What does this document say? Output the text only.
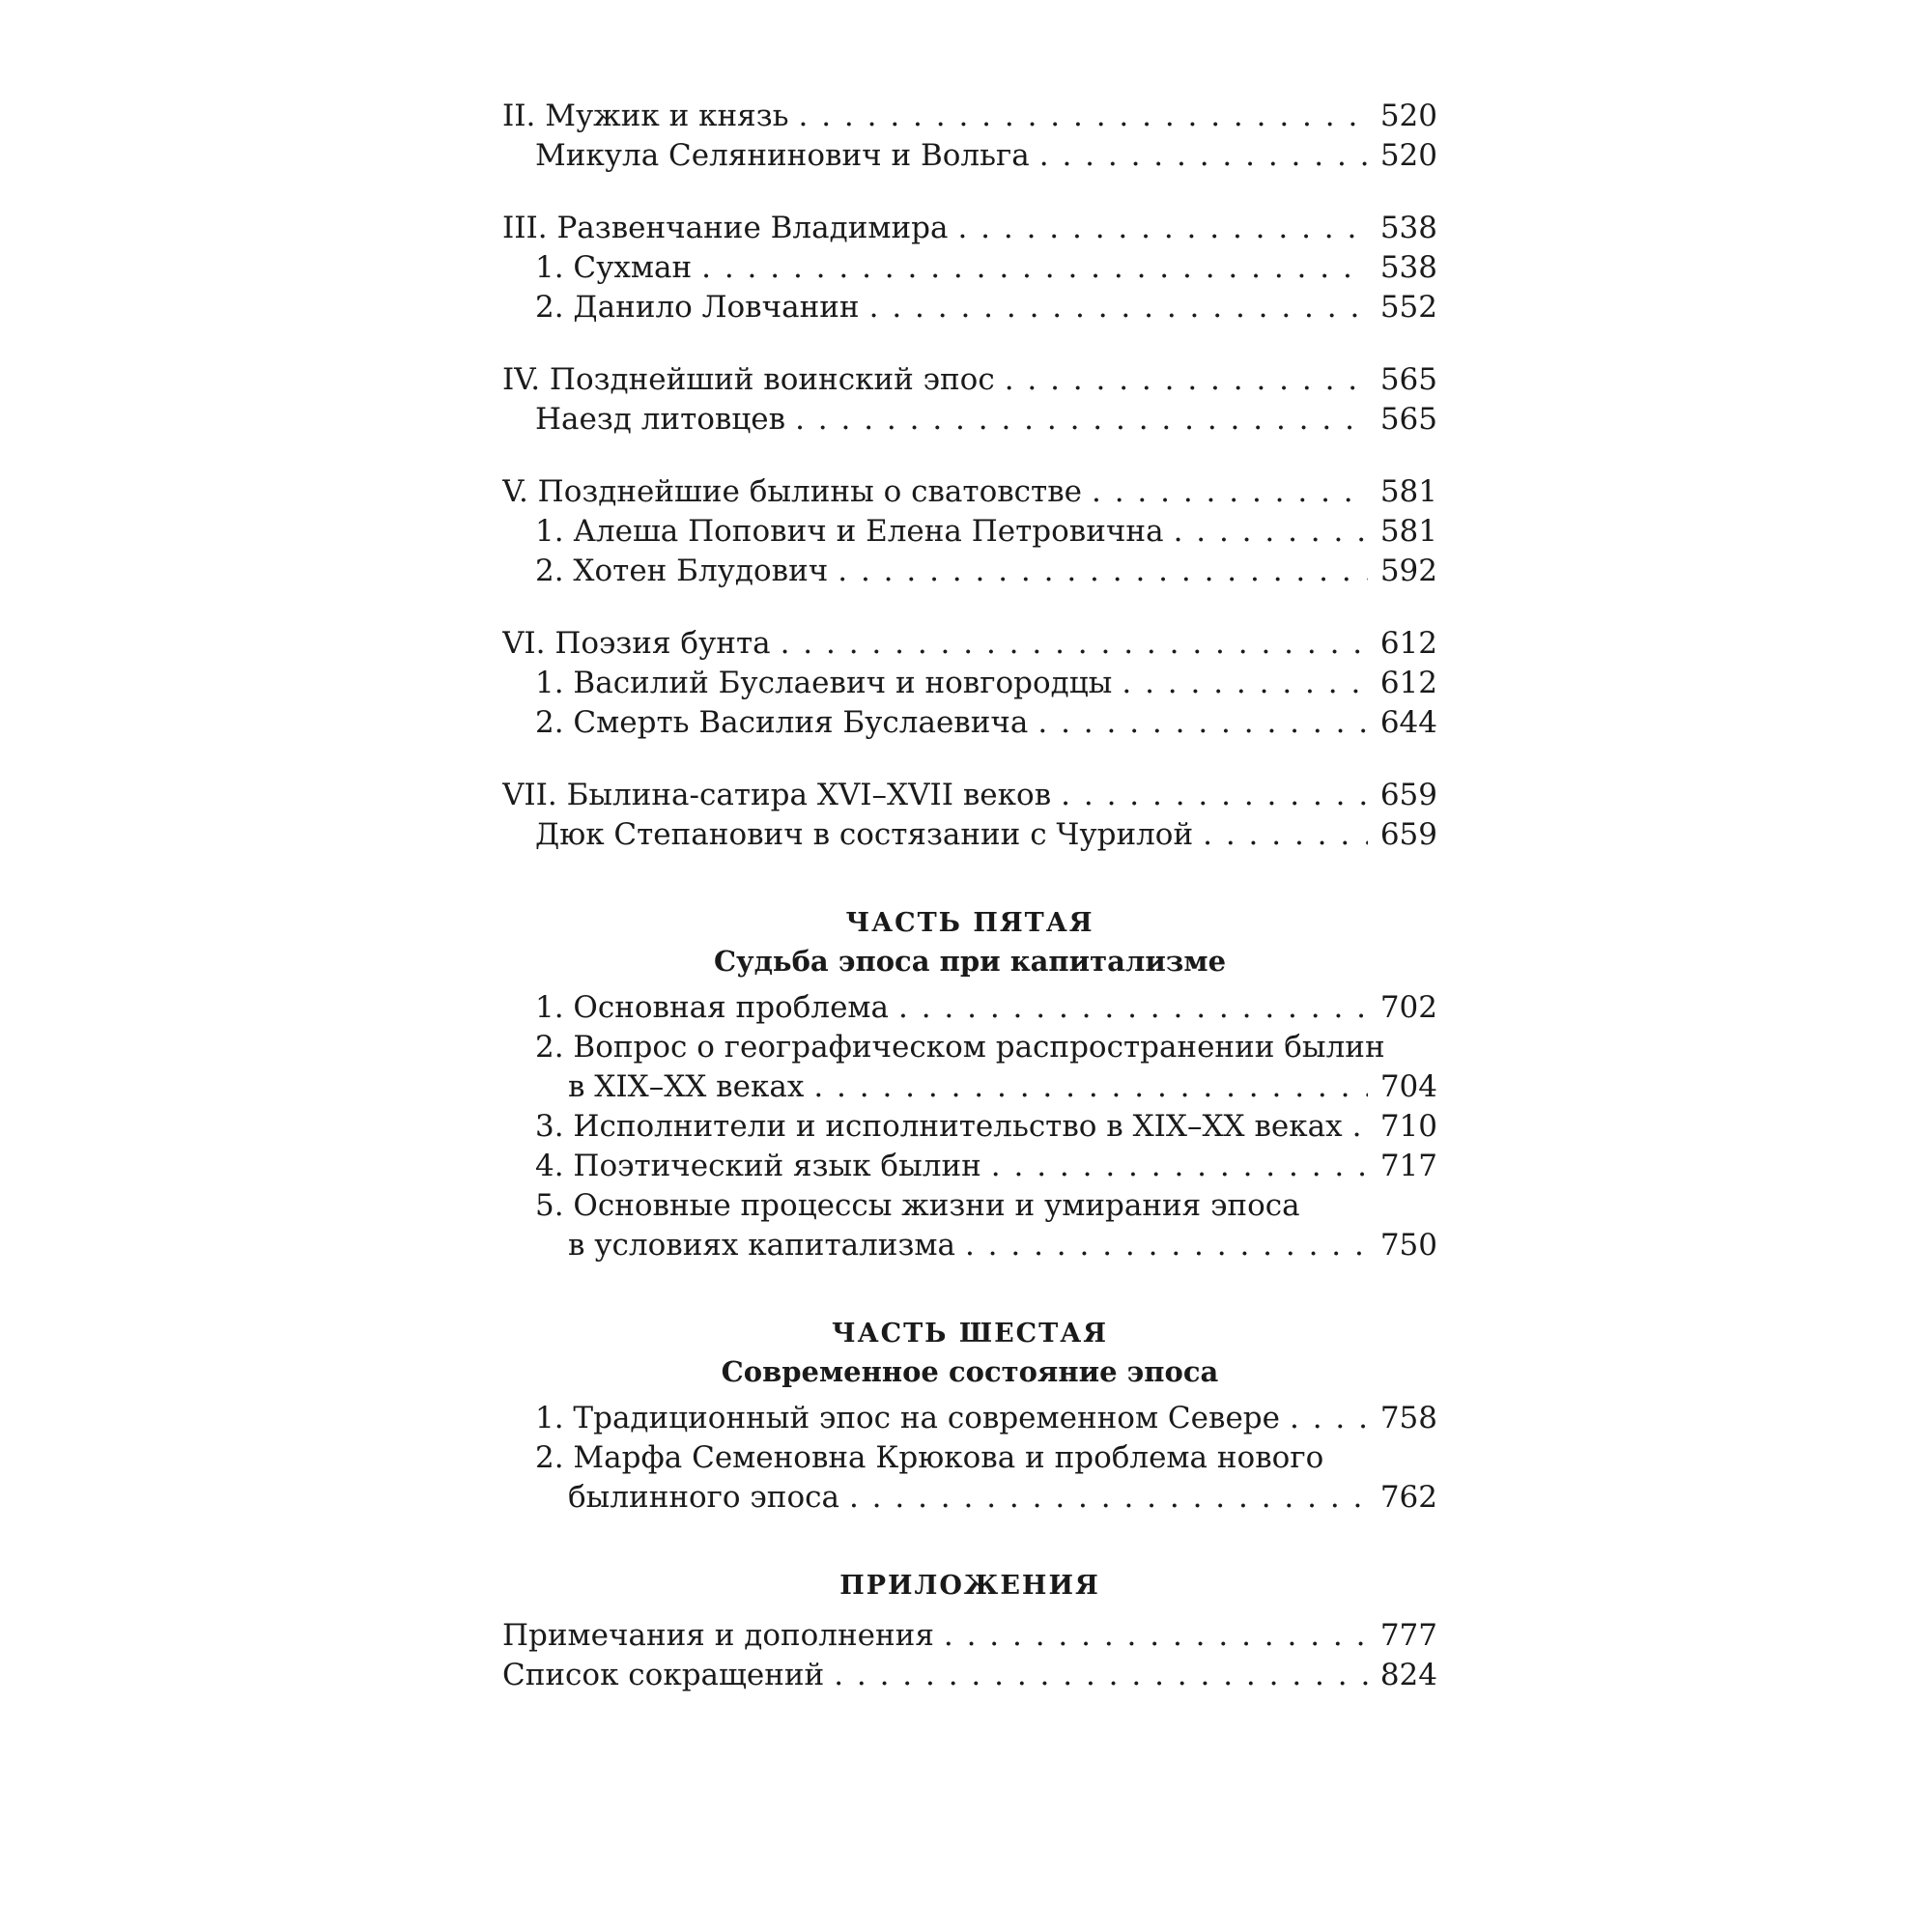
II. Мужик и князь . . .	520
Микула Селянинович и Вольга . . .	520
III. Развенчание Владимира . . .	538
1. Сухман . . .	538
2. Данило Ловчанин . . .	552
IV. Позднейший воинский эпос . . .	565
Наезд литовцев . . .	565
V. Позднейшие былины о сватовстве . . .	581
1. Алеша Попович и Елена Петровична . . .	581
2. Хотен Блудович . . .	592
VI. Поэзия бунта . . .	612
1. Василий Буслаевич и новгородцы . . .	612
2. Смерть Василия Буслаевича . . .	644
VII. Былина-сатира XVI–XVII веков . . .	659
Дюк Степанович в состязании с Чурилой . . .	659
ЧАСТЬ ПЯТАЯ
Судьба эпоса при капитализме
1. Основная проблема . . .	702
2. Вопрос о географическом распространении былин
в XIX–XX веках . . .	704
3. Исполнители и исполнительство в XIX–XX веках . . .	710
4. Поэтический язык былин . . .	717
5. Основные процессы жизни и умирания эпоса
в условиях капитализма . . .	750
ЧАСТЬ ШЕСТАЯ
Современное состояние эпоса
1. Традиционный эпос на современном Севере . . .	758
2. Марфа Семеновна Крюкова и проблема нового
былинного эпоса . . .	762
ПРИЛОЖЕНИЯ
Примечания и дополнения . . .	777
Список сокращений . . .	824
